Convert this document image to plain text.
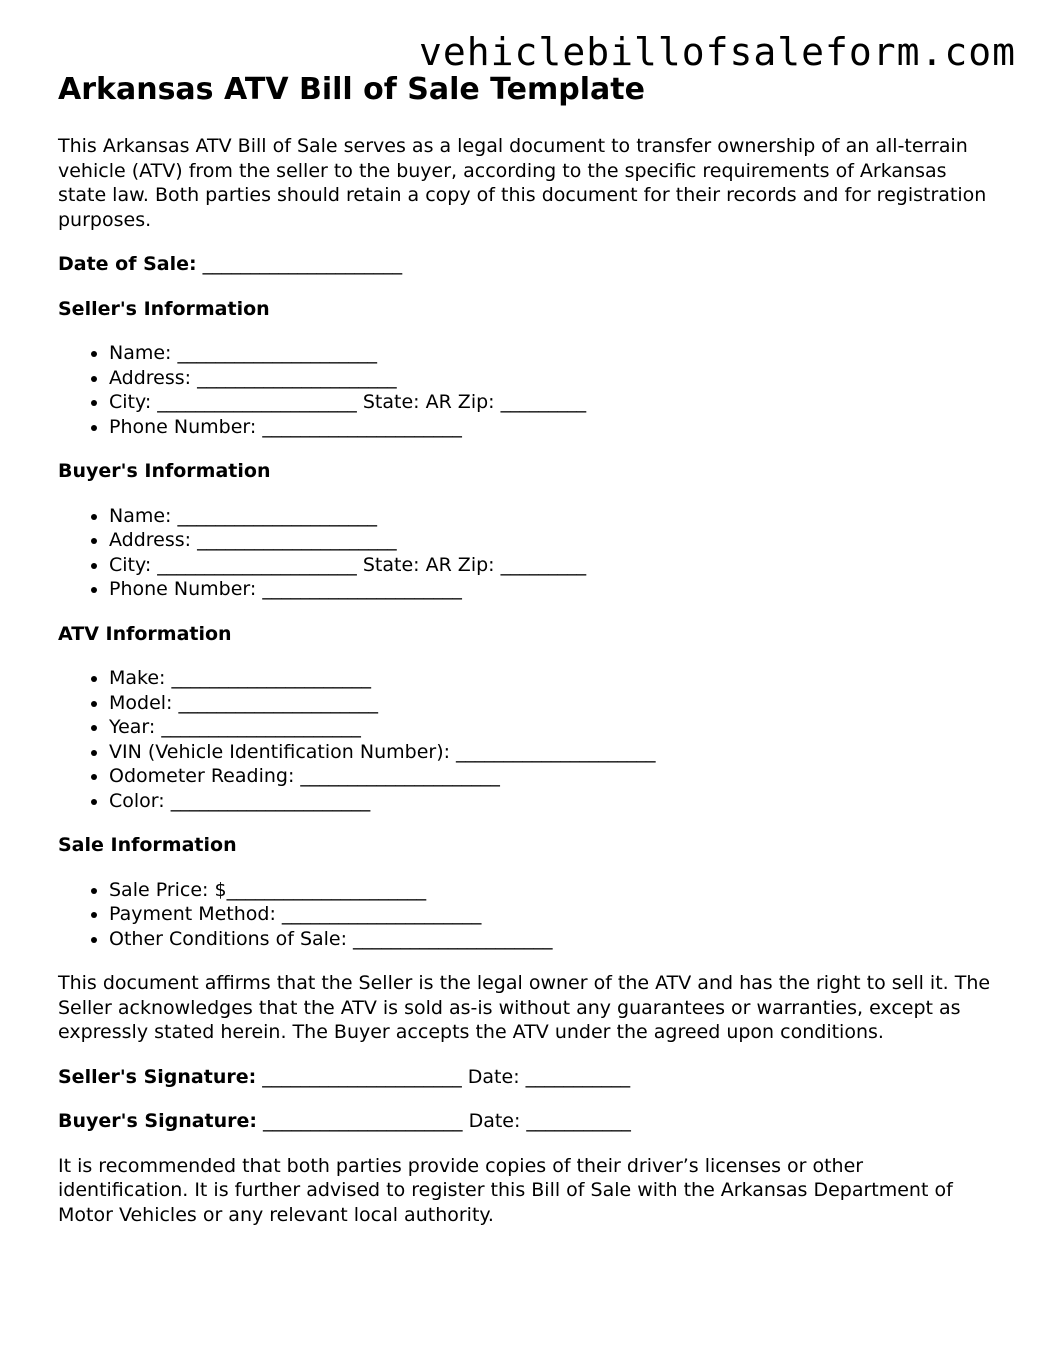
vehiclebillofsaleform.com
Arkansas ATV Bill of Sale Template

This Arkansas ATV Bill of Sale serves as a legal document to transfer ownership of an all-terrain vehicle (ATV) from the seller to the buyer, according to the specific requirements of Arkansas state law. Both parties should retain a copy of this document for their records and for registration purposes.

Date of Sale: _____________________
Seller's Information
• Name: _____________________
• Address: _____________________
• City: _____________________ State: AR Zip: _________
• Phone Number: _____________________
Buyer's Information
• Name: _____________________
• Address: _____________________
• City: _____________________ State: AR Zip: _________
• Phone Number: _____________________
ATV Information
• Make: _____________________
• Model: _____________________
• Year: _____________________
• VIN (Vehicle Identification Number): _____________________
• Odometer Reading: _____________________
• Color: _____________________
Sale Information
• Sale Price: $_____________________
• Payment Method: _____________________
• Other Conditions of Sale: _____________________

This document affirms that the Seller is the legal owner of the ATV and has the right to sell it. The Seller acknowledges that the ATV is sold as-is without any guarantees or warranties, except as expressly stated herein. The Buyer accepts the ATV under the agreed upon conditions.

Seller's Signature: _____________________ Date: ___________
Buyer's Signature: _____________________ Date: ___________

It is recommended that both parties provide copies of their driver’s licenses or other identification. It is further advised to register this Bill of Sale with the Arkansas Department of Motor Vehicles or any relevant local authority.
